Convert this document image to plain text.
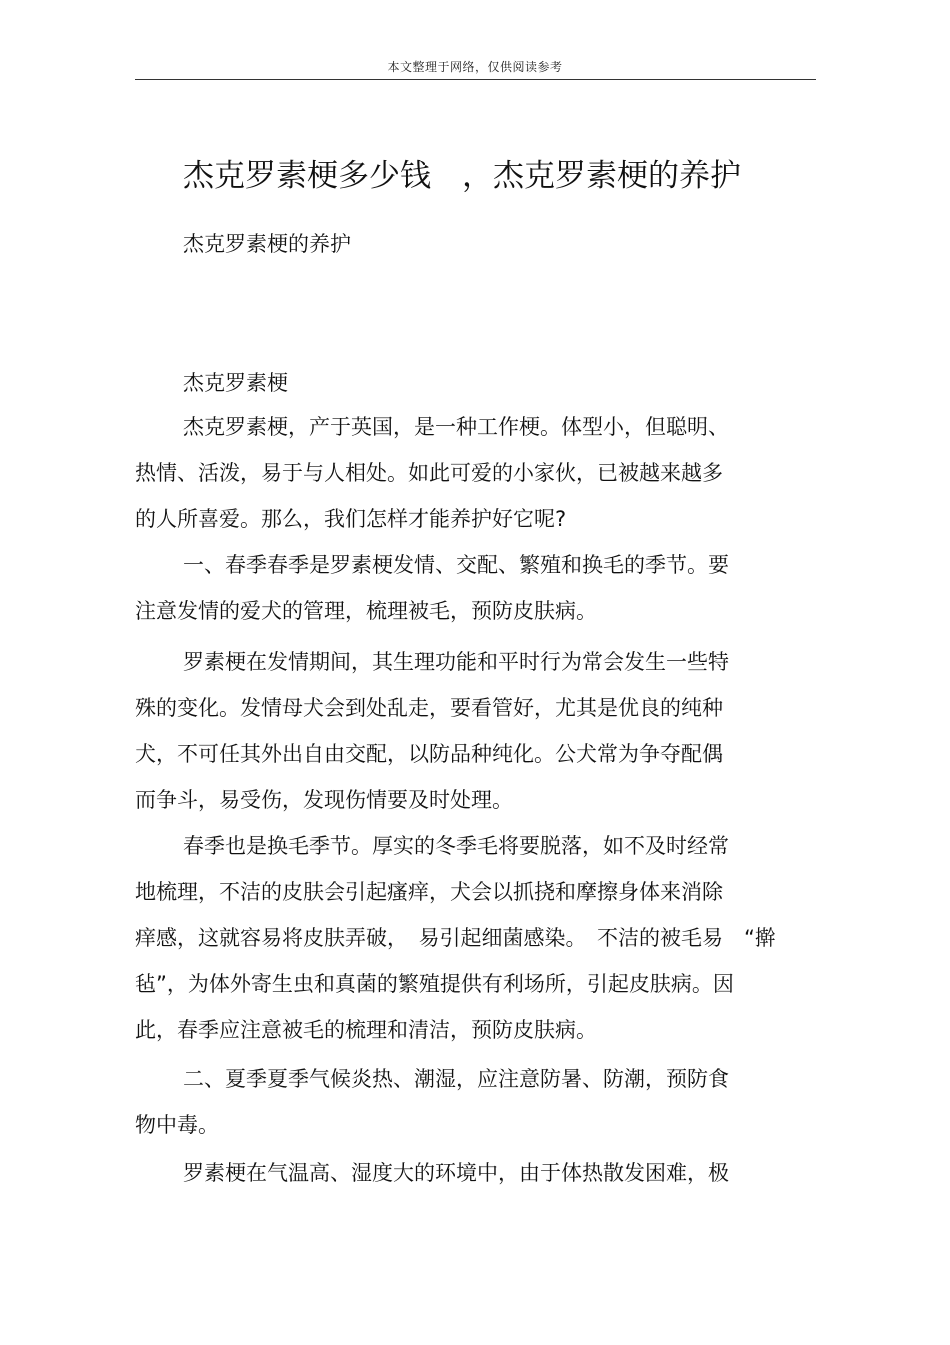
本文整理于网络，仅供阅读参考
杰克罗素梗多少钱　，杰克罗素梗的养护
杰克罗素梗的养护
杰克罗素梗
杰克罗素梗，产于英国，是一种工作梗。体型小，但聪明、
热情、活泼，易于与人相处。如此可爱的小家伙，已被越来越多
的人所喜爱。那么，我们怎样才能养护好它呢?
一、春季春季是罗素梗发情、交配、繁殖和换毛的季节。要
注意发情的爱犬的管理，梳理被毛，预防皮肤病。
罗素梗在发情期间，其生理功能和平时行为常会发生一些特
殊的变化。发情母犬会到处乱走，要看管好，尤其是优良的纯种
犬，不可任其外出自由交配，以防品种纯化。公犬常为争夺配偶
而争斗，易受伤，发现伤情要及时处理。
春季也是换毛季节。厚实的冬季毛将要脱落，如不及时经常
地梳理，不洁的皮肤会引起瘙痒，犬会以抓挠和摩擦身体来消除
痒感，这就容易将皮肤弄破，　易引起细菌感染。　不洁的被毛易　“擀
毡”，为体外寄生虫和真菌的繁殖提供有利场所，引起皮肤病。因
此，春季应注意被毛的梳理和清洁，预防皮肤病。
二、夏季夏季气候炎热、潮湿，应注意防暑、防潮，预防食
物中毒。
罗素梗在气温高、湿度大的环境中，由于体热散发困难，极
